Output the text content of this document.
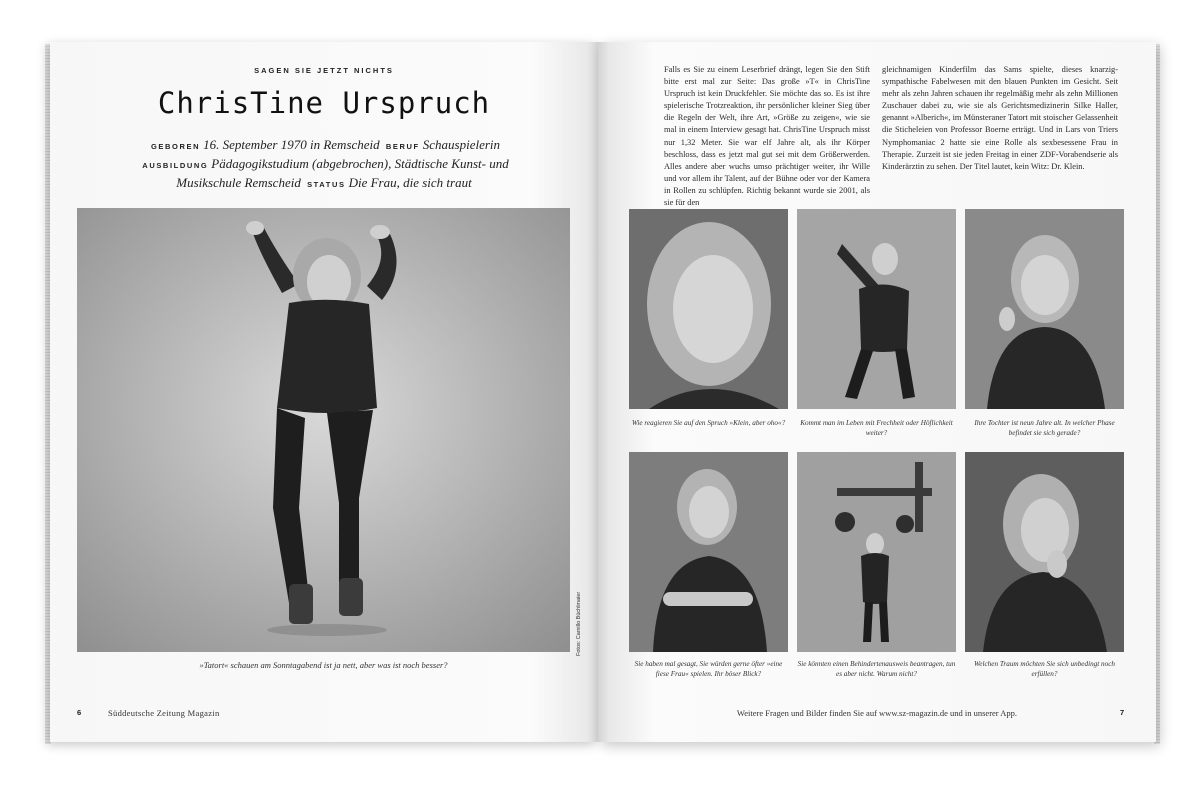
SAGEN SIE JETZT NICHTS
ChrisTine Urspruch
GEBOREN 16. September 1970 in Remscheid BERUF Schauspielerin
AUSBILDUNG Pädagogikstudium (abgebrochen), Städtische Kunst- und Musikschule Remscheid STATUS Die Frau, die sich traut
Fotos: Camillo Büchlmaier
»Tatort« schauen am Sonntagabend ist ja nett, aber was ist noch besser?
6	Süddeutsche Zeitung Magazin
Falls es Sie zu einem Leserbrief drängt, legen Sie den Stift bitte erst mal zur Seite: Das große »T« in ChrisTine Urspruch ist kein Druckfehler. Sie möchte das so. Es ist ihre spielerische Trotzreaktion, ihr persönlicher kleiner Sieg über die Regeln der Welt, ihre Art, »Größe zu zeigen«, wie sie mal in einem Interview gesagt hat. ChrisTine Urspruch misst nur 1,32 Meter. Sie war elf Jahre alt, als ihr Körper beschloss, dass es jetzt mal gut sei mit dem Größerwerden. Alles andere aber wuchs umso prächtiger weiter, ihr Wille und vor allem ihr Talent, auf der Bühne oder vor der Kamera in Rollen zu schlüpfen. Richtig bekannt wurde sie 2001, als sie für den
gleichnamigen Kinderfilm das Sams spielte, dieses knarzig-sympathische Fabelwesen mit den blauen Punkten im Gesicht. Seit mehr als zehn Jahren schauen ihr regelmäßig mehr als zehn Millionen Zuschauer dabei zu, wie sie als Gerichtsmedizinerin Silke Haller, genannt »Alberich«, im Münsteraner Tatort mit stoischer Gelassenheit die Sticheleien von Professor Boerne erträgt. Und in Lars von Triers Nymphomaniac 2 hatte sie eine Rolle als sexbesessene Frau in Therapie. Zurzeit ist sie jeden Freitag in einer ZDF-Vorabendserie als Kinderärztin zu sehen. Der Titel lautet, kein Witz: Dr. Klein.
Wie reagieren Sie auf den Spruch »Klein, aber oho«?	Kommt man im Leben mit Frechheit oder Höflichkeit weiter?
Ihre Tochter ist neun Jahre alt. In welcher Phase befindet sie sich gerade?
Sie haben mal gesagt, Sie würden gerne öfter »eine fiese Frau« spielen. Ihr böser Blick?
Sie könnten einen Behindertenausweis beantragen, tun es aber nicht. Warum nicht?
Welchen Traum möchten Sie sich unbedingt noch erfüllen?
Weitere Fragen und Bilder finden Sie auf www.sz-magazin.de und in unserer App.	7
